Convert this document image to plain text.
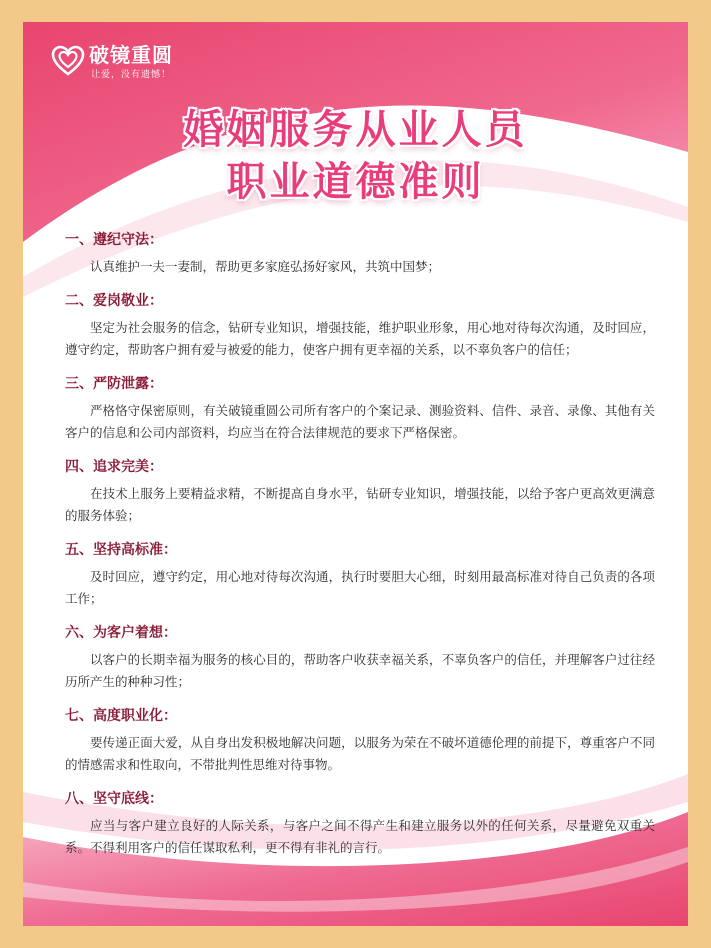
破镜重圆
让爱，没有遗憾！
婚姻服务从业人员
职业道德准则
一、遵纪守法：
认真维护一夫一妻制，帮助更多家庭弘扬好家风，共筑中国梦；
二、爱岗敬业：
坚定为社会服务的信念，钻研专业知识，增强技能，维护职业形象，用心地对待每次沟通，及时回应，遵守约定，帮助客户拥有爱与被爱的能力，使客户拥有更幸福的关系，以不辜负客户的信任；
三、严防泄露：
严格恪守保密原则，有关破镜重圆公司所有客户的个案记录、测验资料、信件、录音、录像、其他有关客户的信息和公司内部资料，均应当在符合法律规范的要求下严格保密。
四、追求完美：
在技术上服务上要精益求精，不断提高自身水平，钻研专业知识，增强技能，以给予客户更高效更满意的服务体验；
五、坚持高标准：
及时回应，遵守约定，用心地对待每次沟通，执行时要胆大心细，时刻用最高标准对待自己负责的各项工作；
六、为客户着想：
以客户的长期幸福为服务的核心目的，帮助客户收获幸福关系，不辜负客户的信任，并理解客户过往经历所产生的种种习性；
七、高度职业化：
要传递正面大爱，从自身出发积极地解决问题，以服务为荣在不破坏道德伦理的前提下，尊重客户不同的情感需求和性取向，不带批判性思维对待事物。
八、坚守底线：
应当与客户建立良好的人际关系，与客户之间不得产生和建立服务以外的任何关系，尽量避免双重关系。不得利用客户的信任谋取私利，更不得有非礼的言行。
